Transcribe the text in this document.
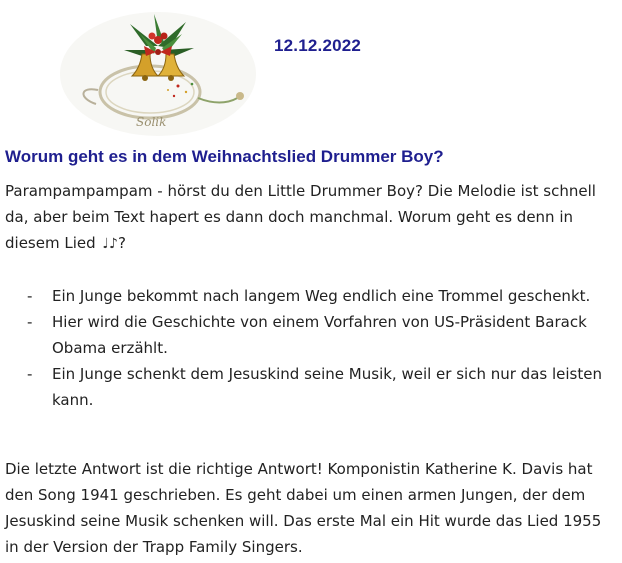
Solik
12.12.2022
Worum geht es in dem Weihnachtslied Drummer Boy?

Parampampampam - hörst du den Little Drummer Boy? Die Melodie ist schnell da, aber beim Text hapert es dann doch manchmal. Worum geht es denn in diesem Lied ♩♪?

- Ein Junge bekommt nach langem Weg endlich eine Trommel geschenkt.
- Hier wird die Geschichte von einem Vorfahren von US-Präsident Barack Obama erzählt.
- Ein Junge schenkt dem Jesuskind seine Musik, weil er sich nur das leisten kann.

Die letzte Antwort ist die richtige Antwort! Komponistin Katherine K. Davis hat den Song 1941 geschrieben. Es geht dabei um einen armen Jungen, der dem Jesuskind seine Musik schenken will. Das erste Mal ein Hit wurde das Lied 1955 in der Version der Trapp Family Singers.
